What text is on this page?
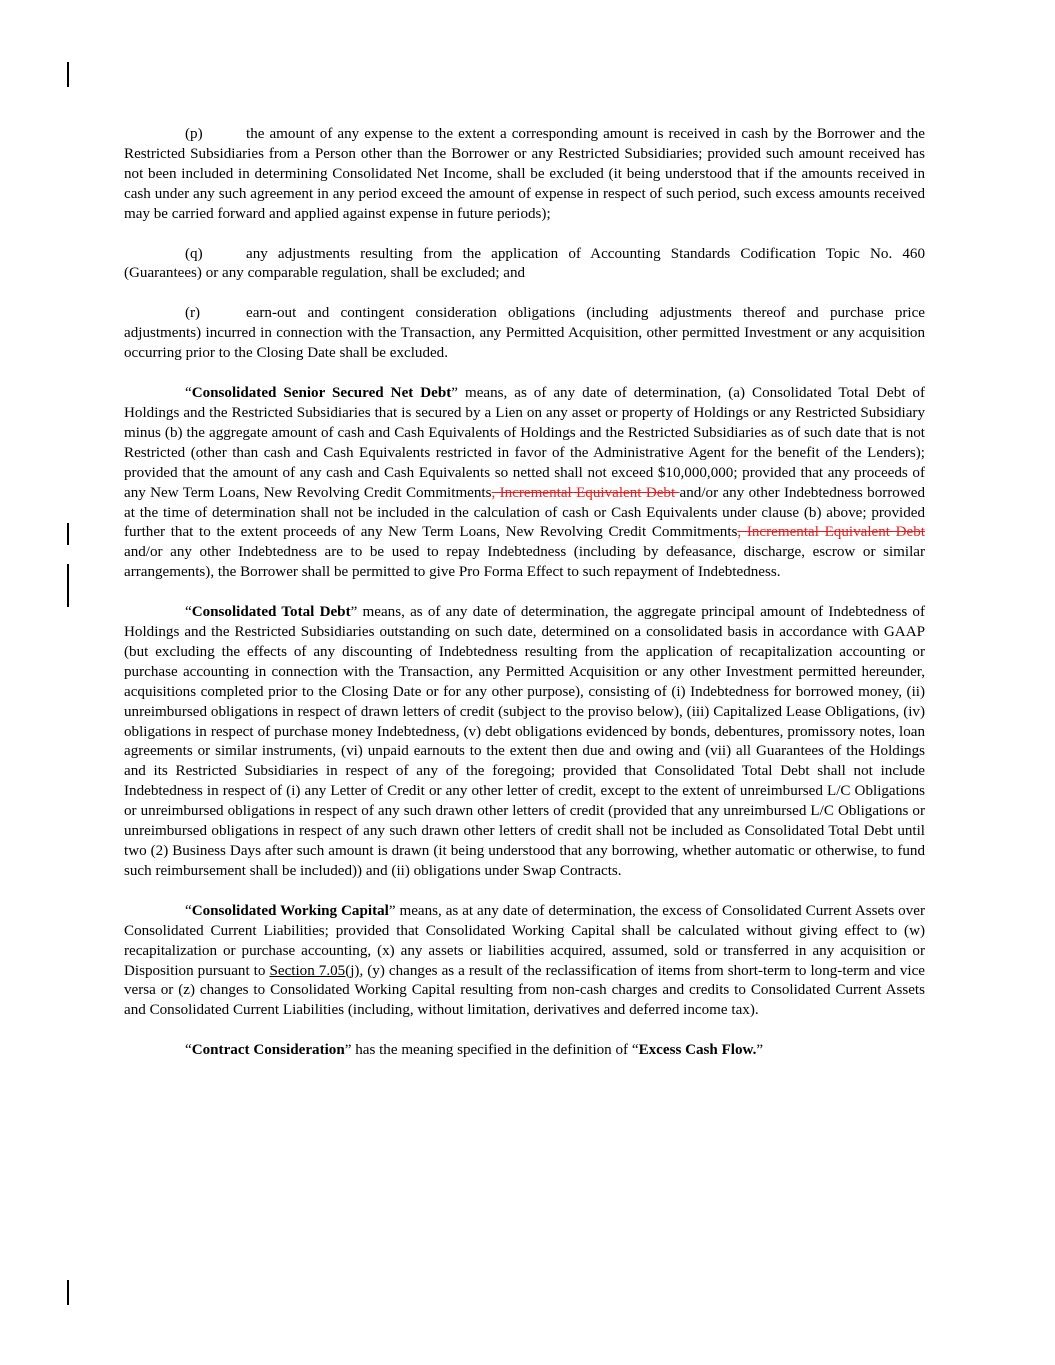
(p)	the amount of any expense to the extent a corresponding amount is received in cash by the Borrower and the Restricted Subsidiaries from a Person other than the Borrower or any Restricted Subsidiaries; provided such amount received has not been included in determining Consolidated Net Income, shall be excluded (it being understood that if the amounts received in cash under any such agreement in any period exceed the amount of expense in respect of such period, such excess amounts received may be carried forward and applied against expense in future periods);

(q)	any adjustments resulting from the application of Accounting Standards Codification Topic No. 460 (Guarantees) or any comparable regulation, shall be excluded; and

(r)	earn-out and contingent consideration obligations (including adjustments thereof and purchase price adjustments) incurred in connection with the Transaction, any Permitted Acquisition, other permitted Investment or any acquisition occurring prior to the Closing Date shall be excluded.

“Consolidated Senior Secured Net Debt” means, as of any date of determination, (a) Consolidated Total Debt of Holdings and the Restricted Subsidiaries that is secured by a Lien on any asset or property of Holdings or any Restricted Subsidiary minus (b) the aggregate amount of cash and Cash Equivalents of Holdings and the Restricted Subsidiaries as of such date that is not Restricted (other than cash and Cash Equivalents restricted in favor of the Administrative Agent for the benefit of the Lenders); provided that the amount of any cash and Cash Equivalents so netted shall not exceed $10,000,000; provided that any proceeds of any New Term Loans, New Revolving Credit Commitments, Incremental Equivalent Debt and/or any other Indebtedness borrowed at the time of determination shall not be included in the calculation of cash or Cash Equivalents under clause (b) above; provided further that to the extent proceeds of any New Term Loans, New Revolving Credit Commitments, Incremental Equivalent Debt and/or any other Indebtedness are to be used to repay Indebtedness (including by defeasance, discharge, escrow or similar arrangements), the Borrower shall be permitted to give Pro Forma Effect to such repayment of Indebtedness.

“Consolidated Total Debt” means, as of any date of determination, the aggregate principal amount of Indebtedness of Holdings and the Restricted Subsidiaries outstanding on such date, determined on a consolidated basis in accordance with GAAP (but excluding the effects of any discounting of Indebtedness resulting from the application of recapitalization accounting or purchase accounting in connection with the Transaction, any Permitted Acquisition or any other Investment permitted hereunder, acquisitions completed prior to the Closing Date or for any other purpose), consisting of (i) Indebtedness for borrowed money, (ii) unreimbursed obligations in respect of drawn letters of credit (subject to the proviso below), (iii) Capitalized Lease Obligations, (iv) obligations in respect of purchase money Indebtedness, (v) debt obligations evidenced by bonds, debentures, promissory notes, loan agreements or similar instruments, (vi) unpaid earnouts to the extent then due and owing and (vii) all Guarantees of the Holdings and its Restricted Subsidiaries in respect of any of the foregoing; provided that Consolidated Total Debt shall not include Indebtedness in respect of (i) any Letter of Credit or any other letter of credit, except to the extent of unreimbursed L/C Obligations or unreimbursed obligations in respect of any such drawn other letters of credit (provided that any unreimbursed L/C Obligations or unreimbursed obligations in respect of any such drawn other letters of credit shall not be included as Consolidated Total Debt until two (2) Business Days after such amount is drawn (it being understood that any borrowing, whether automatic or otherwise, to fund such reimbursement shall be included)) and (ii) obligations under Swap Contracts.

“Consolidated Working Capital” means, as at any date of determination, the excess of Consolidated Current Assets over Consolidated Current Liabilities; provided that Consolidated Working Capital shall be calculated without giving effect to (w) recapitalization or purchase accounting, (x) any assets or liabilities acquired, assumed, sold or transferred in any acquisition or Disposition pursuant to Section 7.05(j), (y) changes as a result of the reclassification of items from short-term to long-term and vice versa or (z) changes to Consolidated Working Capital resulting from non-cash charges and credits to Consolidated Current Assets and Consolidated Current Liabilities (including, without limitation, derivatives and deferred income tax).

“Contract Consideration” has the meaning specified in the definition of “Excess Cash Flow.”
